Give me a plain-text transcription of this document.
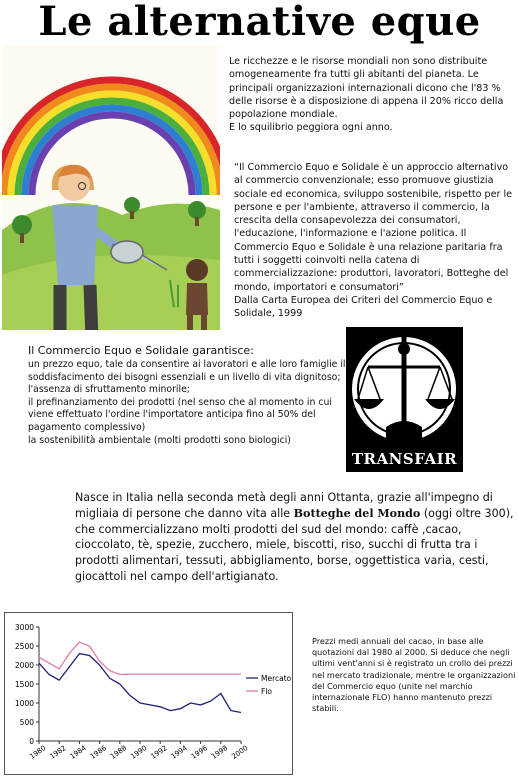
Le alternative eque

Le ricchezze e le risorse mondiali non sono distribuite omogeneamente fra tutti gli abitanti del pianeta. Le principali organizzazioni internazionali dicono che l'83 % delle risorse è a disposizione di appena il 20% ricco della popolazione mondiale.

E lo squilibrio peggiora ogni anno.

“Il Commercio Equo e Solidale è un approccio alternativo al commercio convenzionale; esso promuove giustizia sociale ed economica, sviluppo sostenibile, rispetto per le persone e per l'ambiente, attraverso il commercio, la crescita della consapevolezza dei consumatori, l'educazione, l'informazione e l'azione politica. Il Commercio Equo e Solidale è una relazione paritaria fra tutti i soggetti coinvolti nella catena di commercializzazione: produttori, lavoratori, Botteghe del mondo, importatori e consumatori”

Dalla Carta Europea dei Criteri del Commercio Equo e Solidale, 1999

Il Commercio Equo e Solidale garantisce:

un prezzo equo, tale da consentire ai lavoratori e alle loro famiglie il soddisfacimento dei bisogni essenziali e un livello di vita dignitoso;

l'assenza di sfruttamento minorile;

il prefinanziamento dei prodotti (nel senso che al momento in cui viene effettuato l'ordine l'importatore anticipa fino al 50% del pagamento complessivo)

la sostenibilità ambientale (molti prodotti sono biologici)

TRANSFAIR
Nasce in Italia nella seconda metà degli anni Ottanta, grazie all'impegno di migliaia di persone che danno vita alle Botteghe del Mondo (oggi oltre 300), che commercializzano molti prodotti del sud del mondo: caffè ,cacao, cioccolato, tè, spezie, zucchero, miele, biscotti, riso, succhi di frutta tra i prodotti alimentari, tessuti, abbigliamento, borse, oggettistica varia, cesti, giocattoli nel campo dell'artigianato.
0
500
1000
1500
2000
2500
3000
1980 1982 1984 1986 1988 1990 1992 1994 1996 1998 2000
Mercato
Flo
Prezzi medi annuali del cacao, in base alle quotazioni dal 1980 al 2000. Si deduce che negli ultimi vent'anni si è registrato un crollo dei prezzi nel mercato tradizionale, mentre le organizzazioni del Commercio equo (unite nel marchio internazionale FLO) hanno mantenuto prezzi stabili.
